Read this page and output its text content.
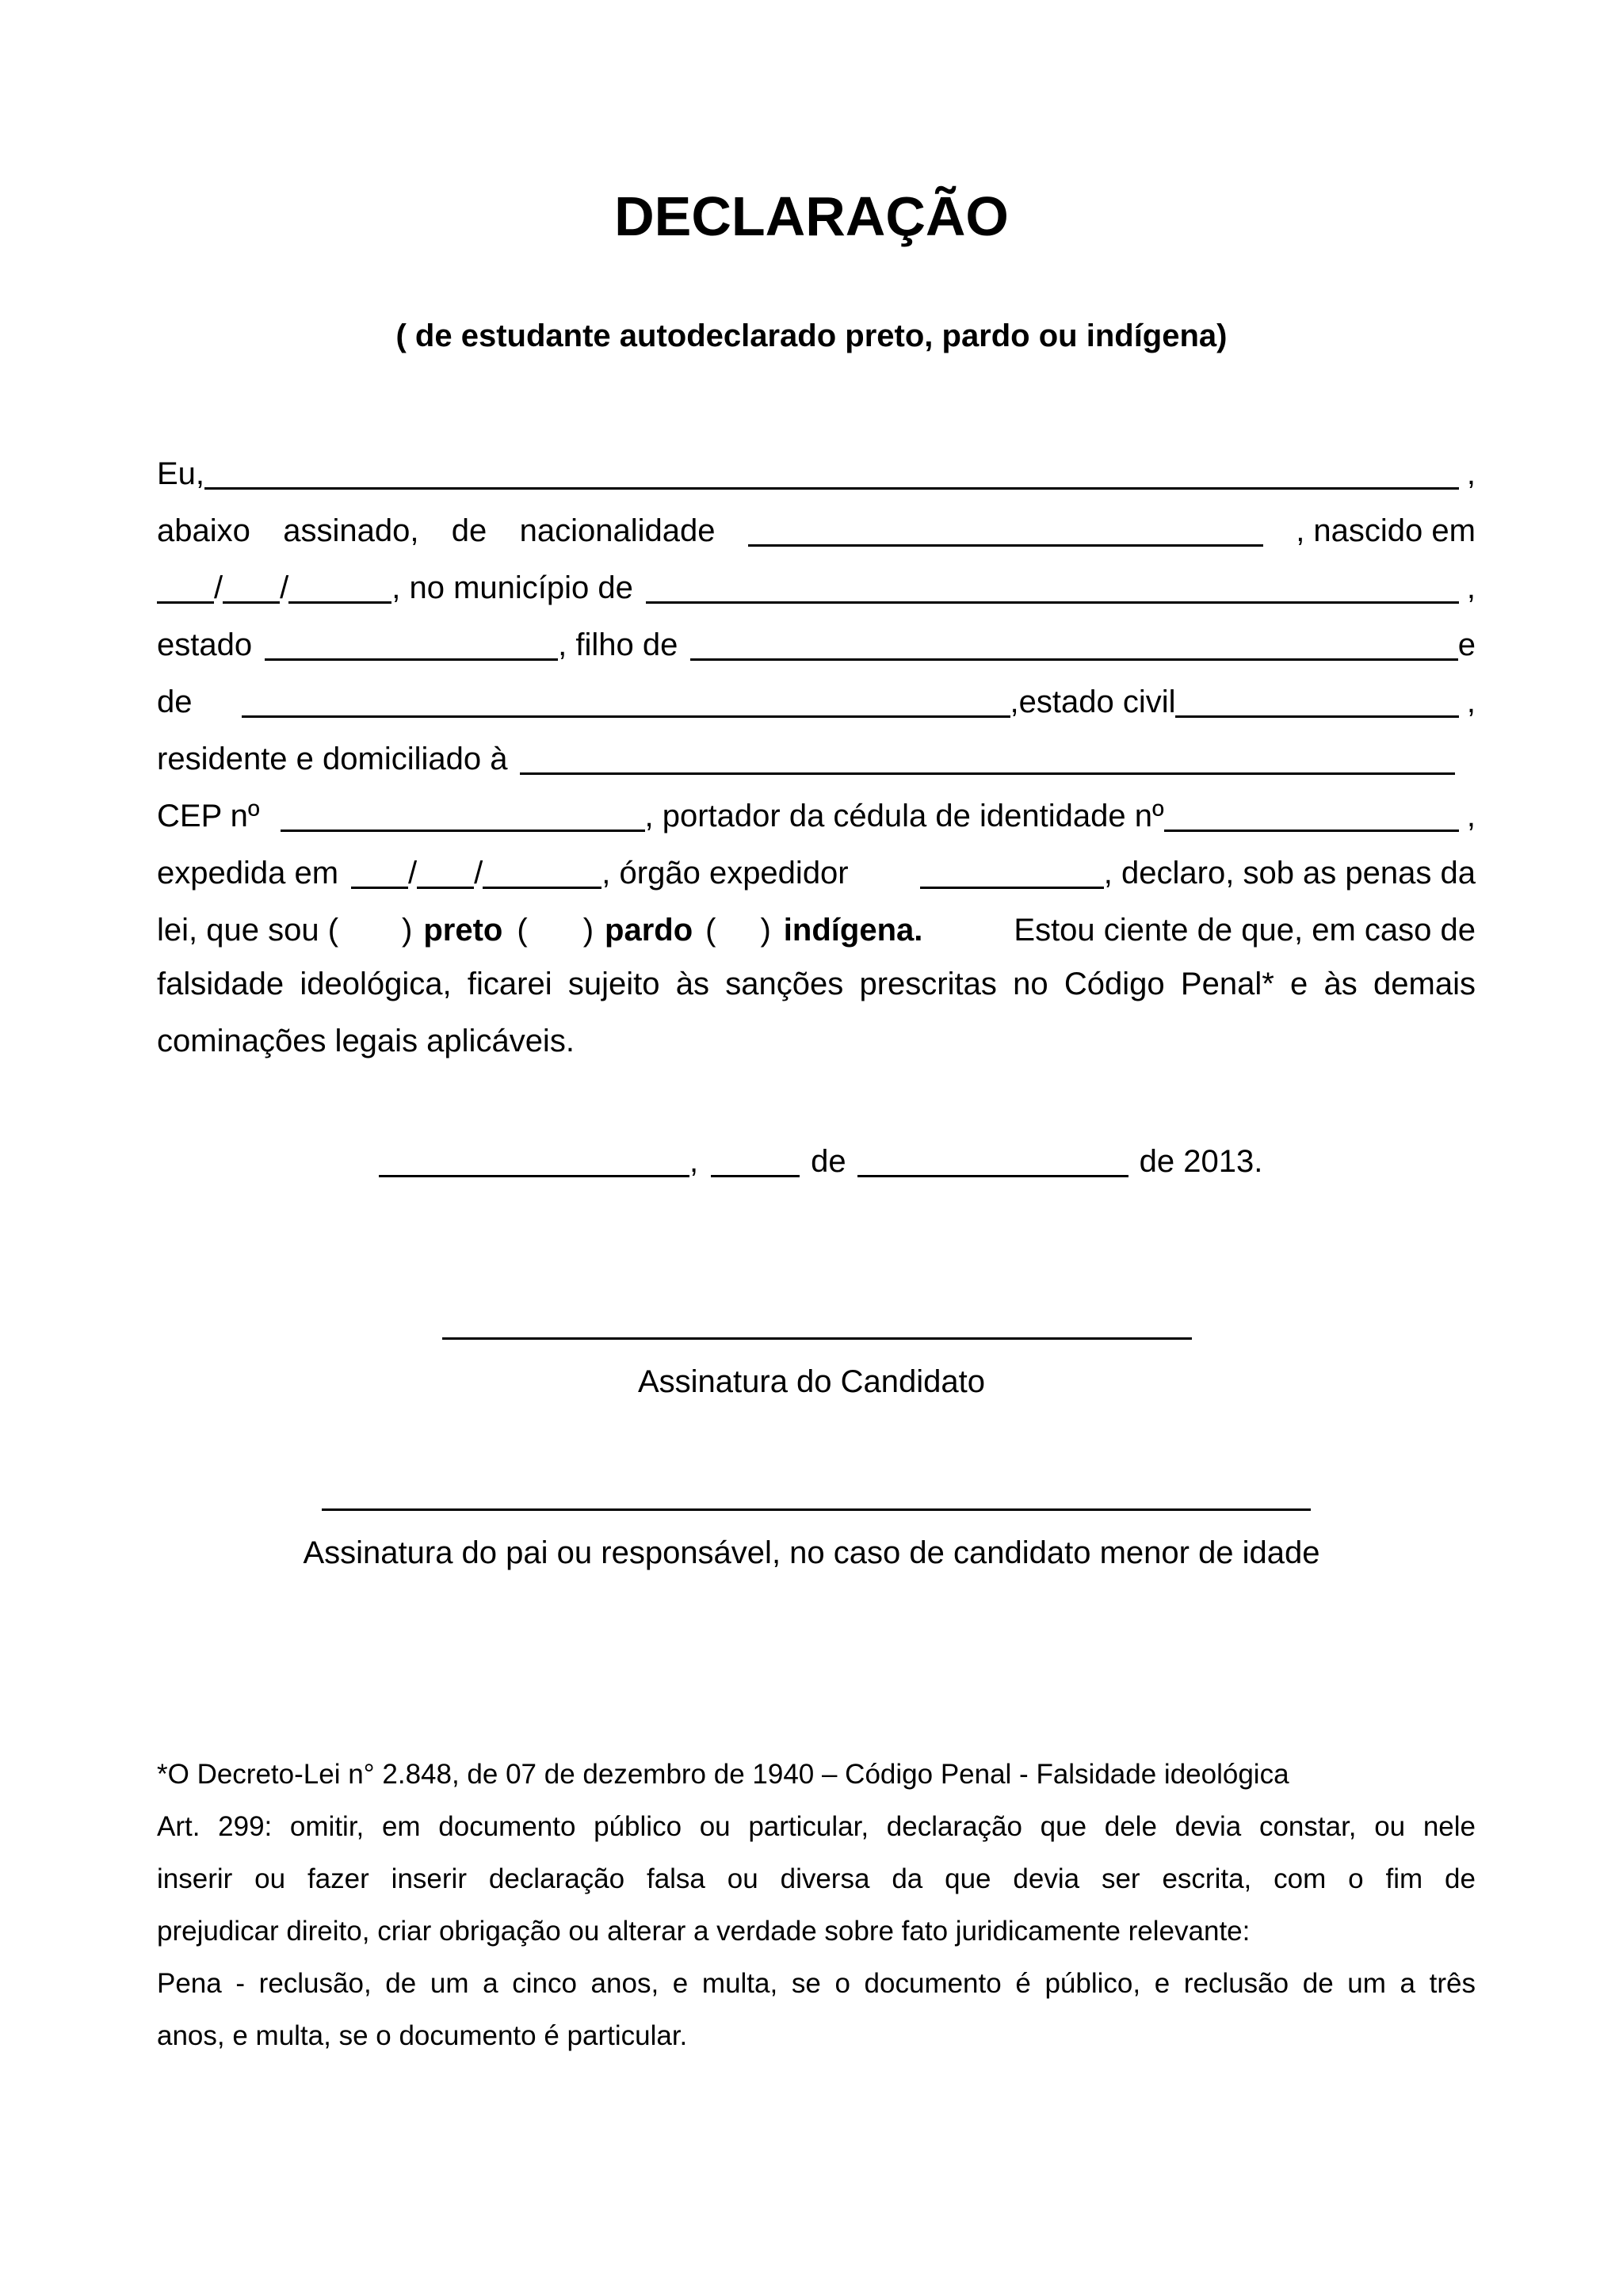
DECLARAÇÃO
( de estudante autodeclarado preto, pardo ou indígena)
Eu,	,
abaixo assinado, de nacionalidade	, nascido em
/ /	, no município de	,
estado	, filho de	e
de	,estado civil	,
residente e domiciliado à
CEP nº	, portador da cédula de identidade nº	,
expedida em / /	, órgão expedidor	, declaro, sob as penas da
lei, que sou ( ) preto ( ) pardo ( ) indígena.	Estou ciente de que, em caso de
falsidade ideológica, ficarei sujeito às sanções prescritas no Código Penal* e às demais
cominações legais aplicáveis.
,	de	de 2013.
Assinatura do Candidato
Assinatura do pai ou responsável, no caso de candidato menor de idade
*O Decreto-Lei n° 2.848, de 07 de dezembro de 1940 – Código Penal - Falsidade ideológica
Art. 299: omitir, em documento público ou particular, declaração que dele devia constar, ou nele
inserir ou fazer inserir declaração falsa ou diversa da que devia ser escrita, com o fim de
prejudicar direito, criar obrigação ou alterar a verdade sobre fato juridicamente relevante:
Pena - reclusão, de um a cinco anos, e multa, se o documento é público, e reclusão de um a três
anos, e multa, se o documento é particular.
